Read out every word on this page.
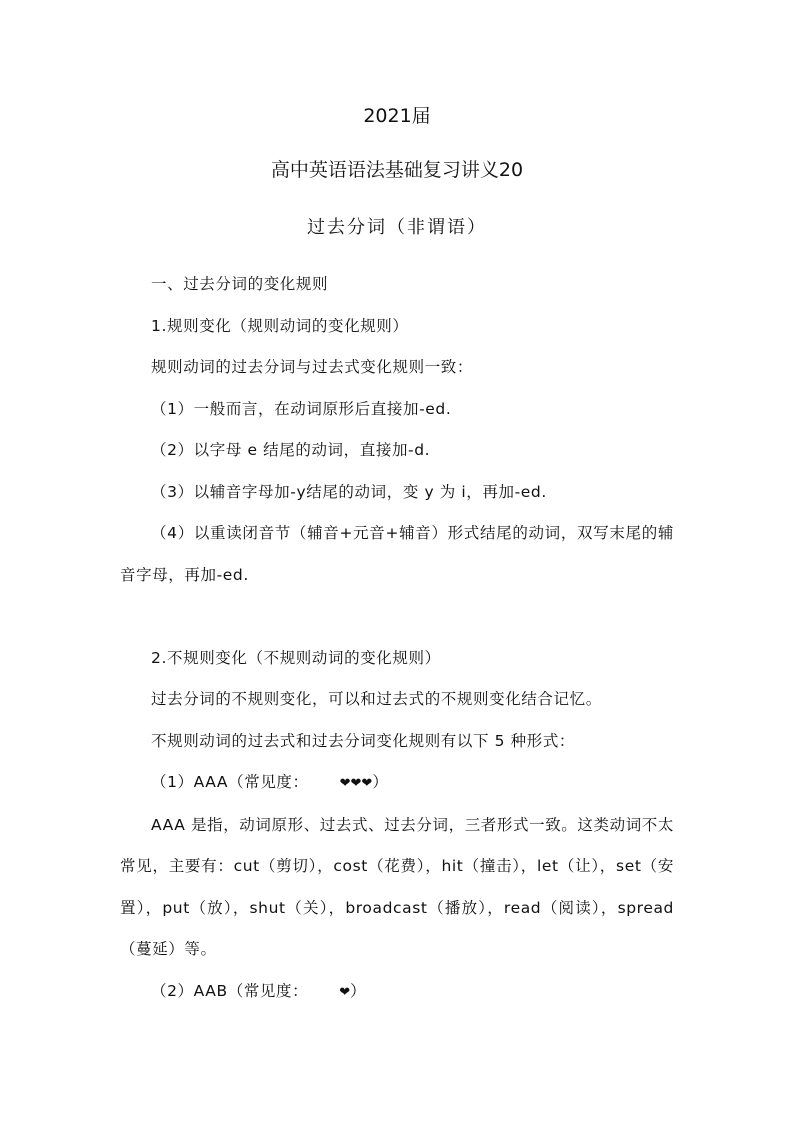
2021届
高中英语语法基础复习讲义20
过去分词（非谓语）

一、过去分词的变化规则

1.规则变化（规则动词的变化规则）

规则动词的过去分词与过去式变化规则一致：

（1）一般而言，在动词原形后直接加-ed.

（2）以字母 e 结尾的动词，直接加-d.

（3）以辅音字母加-y结尾的动词，变 y 为 i，再加-ed.

（4）以重读闭音节（辅音+元音+辅音）形式结尾的动词，双写末尾的辅音字母，再加-ed.

2.不规则变化（不规则动词的变化规则）

过去分词的不规则变化，可以和过去式的不规则变化结合记忆。

不规则动词的过去式和过去分词变化规则有以下 5 种形式：

（1）AAA（常见度： ❤❤❤）

AAA 是指，动词原形、过去式、过去分词，三者形式一致。这类动词不太常见，主要有：cut（剪切），cost（花费），hit（撞击），let（让），set（安置），put（放），shut（关），broadcast（播放），read（阅读），spread（蔓延）等。

（2）AAB（常见度： ❤）
